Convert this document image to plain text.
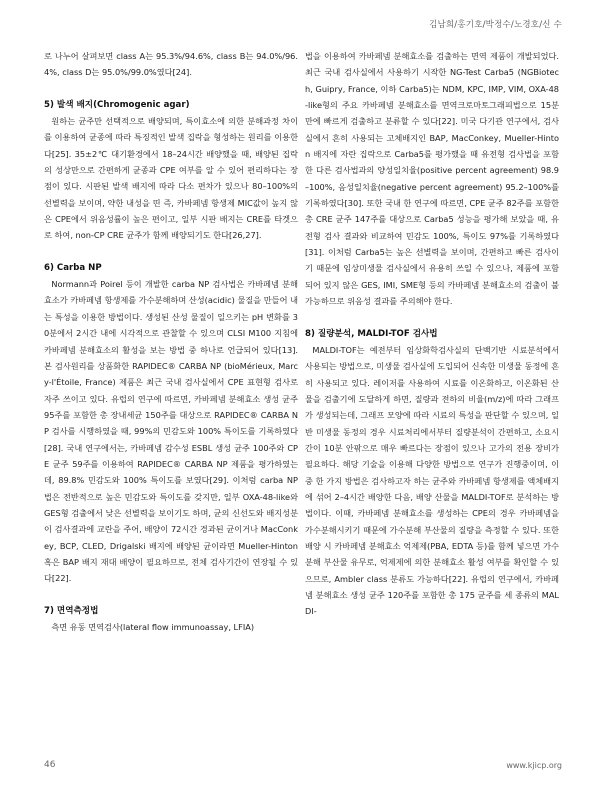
김남희/홍기호/박정수/노경호/신 수

로 나누어 살펴보면 class A는 95.3%/94.6%, class B는 94.0%/96.4%, class D는 95.0%/99.0%였다[24].

5) 발색 배지(Chromogenic agar)

원하는 균주만 선택적으로 배양되며, 특이효소에 의한 분해과정 차이를 이용하여 균종에 따라 특징적인 발색 집락을 형성하는 원리를 이용한다[25]. 35±2℃ 대기환경에서 18–24시간 배양했을 때, 배양된 집락의 성상만으로 간편하게 균종과 CPE 여부를 알 수 있어 편리하다는 장점이 있다. 시판된 발색 배지에 따라 다소 편차가 있으나 80–100%의 선별력을 보이며, 약한 내성을 띤 즉, 카바페넴 항생제 MIC값이 높지 않은 CPE에서 위음성률이 높은 편이고, 일부 시판 배지는 CRE를 타겟으로 하여, non-CP CRE 균주가 함께 배양되기도 한다[26,27].

6) Carba NP

Normann과 Poirel 등이 개발한 carba NP 검사법은 카바페넴 분해효소가 카바페넴 항생제를 가수분해하며 산성(acidic) 물질을 만들어 내는 특성을 이용한 방법이다. 생성된 산성 물질이 일으키는 pH 변화를 30분에서 2시간 내에 시각적으로 관찰할 수 있으며 CLSI M100 지침에 카바페넴 분해효소의 활성을 보는 방법 중 하나로 언급되어 있다[13]. 본 검사원리를 상품화한 RAPIDEC® CARBA NP (bioMérieux, Marcy-l'Étoile, France) 제품은 최근 국내 검사실에서 CPE 표현형 검사로 자주 쓰이고 있다. 유럽의 연구에 따르면, 카바페넴 분해효소 생성 균주 95주를 포함한 총 장내세균 150주를 대상으로 RAPIDEC® CARBA NP 검사를 시행하였을 때, 99%의 민감도와 100% 특이도를 기록하였다[28]. 국내 연구에서는, 카바페넴 감수성 ESBL 생성 균주 100주와 CPE 균주 59주를 이용하여 RAPIDEC® CARBA NP 제품을 평가하였는데, 89.8% 민감도와 100% 특이도를 보였다[29]. 이처럼 carba NP 법은 전반적으로 높은 민감도와 특이도를 갖지만, 일부 OXA-48-like와 GES형 검출에서 낮은 선별력을 보이기도 하며, 균의 신선도와 배지성분이 검사결과에 교란을 주어, 배양이 72시간 경과된 균이거나 MacConkey, BCP, CLED, Drigalski 배지에 배양된 균이라면 Mueller-Hinton 혹은 BAP 배지 재대 배양이 필요하므로, 전체 검사기간이 연장될 수 있다[22].

7) 면역측정법

측면 유동 면역검사(lateral flow immunoassay, LFIA)

법을 이용하여 카바페넴 분해효소를 검출하는 면역 제품이 개발되었다. 최근 국내 검사실에서 사용하기 시작한 NG-Test Carba5 (NGBiotech, Guipry, France, 이하 Carba5)는 NDM, KPC, IMP, VIM, OXA-48-like형의 주요 카바페넴 분해효소를 면역크로마토그래피법으로 15분 만에 빠르게 검출하고 분류할 수 있다[22]. 미국 다기관 연구에서, 검사실에서 흔히 사용되는 고체배지인 BAP, MacConkey, Mueller-Hinton 배지에 자란 집락으로 Carba5를 평가했을 때 유전형 검사법을 포함한 다른 검사법과의 양성일치율(positive percent agreement) 98.9–100%, 음성일치율(negative percent agreement) 95.2–100%를 기록하였다[30]. 또한 국내 한 연구에 따르면, CPE 균주 82주를 포함한 총 CRE 균주 147주를 대상으로 Carba5 성능을 평가해 보았을 때, 유전형 검사 결과와 비교하여 민감도 100%, 특이도 97%를 기록하였다[31]. 이처럼 Carba5는 높은 선별력을 보이며, 간편하고 빠른 검사이기 때문에 임상미생물 검사실에서 유용히 쓰일 수 있으나, 제품에 포함되어 있지 않은 GES, IMI, SME형 등의 카바페넴 분해효소의 검출이 불가능하므로 위음성 결과를 주의해야 한다.

8) 질량분석, MALDI-TOF 검사법

MALDI-TOF는 예전부터 임상화학검사실의 단백기반 시료분석에서 사용되는 방법으로, 미생물 검사실에 도입되어 신속한 미생물 동정에 흔히 사용되고 있다. 레이저를 사용하여 시료를 이온화하고, 이온화된 산물을 검출기에 도달하게 하면, 질량과 전하의 비율(m/z)에 따라 그래프가 생성되는데, 그래프 모양에 따라 시료의 특성을 판단할 수 있으며, 일반 미생물 동정의 경우 시료처리에서부터 질량분석이 간편하고, 소요시간이 10분 안팎으로 매우 빠르다는 장점이 있으나 고가의 전용 장비가 필요하다. 해당 기술을 이용해 다양한 방법으로 연구가 진행중이며, 이 중 한 가지 방법은 검사하고자 하는 균주와 카바페넴 항생제를 액체배지에 섞어 2–4시간 배양한 다음, 배양 산물을 MALDI-TOF로 분석하는 방법이다. 이때, 카바페넴 분해효소를 생성하는 CPE의 경우 카바페넴을 가수분해시키기 때문에 가수분해 부산물의 질량을 측정할 수 있다. 또한 배양 시 카바페넴 분해효소 억제제(PBA, EDTA 등)를 함께 넣으면 가수분해 부산물 유무로, 억제제에 의한 분해효소 활성 여부를 확인할 수 있으므로, Ambler class 분류도 가능하다[22]. 유럽의 연구에서, 카바페넴 분해효소 생성 균주 120주를 포함한 총 175 균주를 세 종류의 MALDI-

46	www.kjicp.org
